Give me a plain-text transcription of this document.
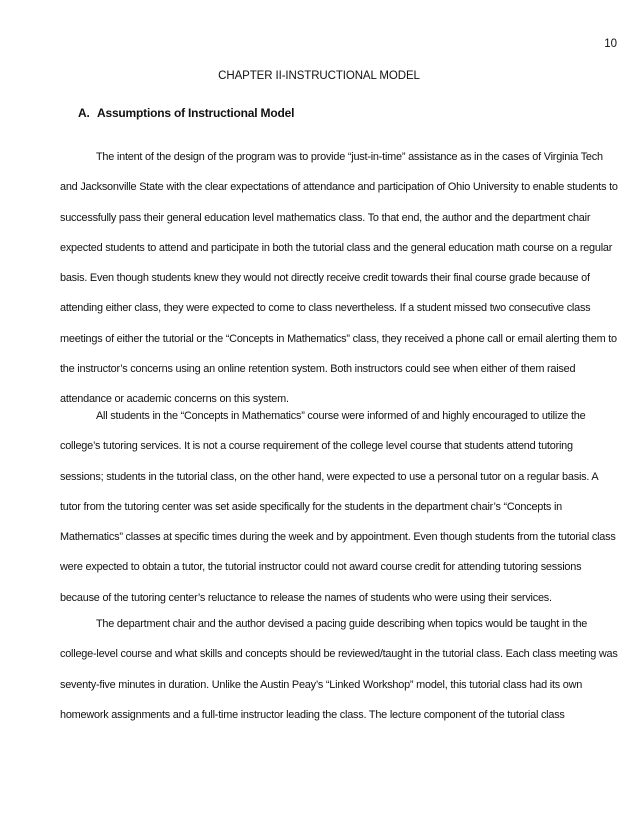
10
CHAPTER II-INSTRUCTIONAL MODEL
A. Assumptions of Instructional Model

The intent of the design of the program was to provide “just-in-time” assistance as in the cases of Virginia Tech and Jacksonville State with the clear expectations of attendance and participation of Ohio University to enable students to successfully pass their general education level mathematics class. To that end, the author and the department chair expected students to attend and participate in both the tutorial class and the general education math course on a regular basis. Even though students knew they would not directly receive credit towards their final course grade because of attending either class, they were expected to come to class nevertheless. If a student missed two consecutive class meetings of either the tutorial or the “Concepts in Mathematics” class, they received a phone call or email alerting them to the instructor’s concerns using an online retention system. Both instructors could see when either of them raised attendance or academic concerns on this system.

All students in the “Concepts in Mathematics” course were informed of and highly encouraged to utilize the college’s tutoring services. It is not a course requirement of the college level course that students attend tutoring sessions; students in the tutorial class, on the other hand, were expected to use a personal tutor on a regular basis. A tutor from the tutoring center was set aside specifically for the students in the department chair’s “Concepts in Mathematics” classes at specific times during the week and by appointment. Even though students from the tutorial class were expected to obtain a tutor, the tutorial instructor could not award course credit for attending tutoring sessions because of the tutoring center’s reluctance to release the names of students who were using their services.

The department chair and the author devised a pacing guide describing when topics would be taught in the college-level course and what skills and concepts should be reviewed/taught in the tutorial class. Each class meeting was seventy-five minutes in duration. Unlike the Austin Peay’s “Linked Workshop” model, this tutorial class had its own homework assignments and a full-time instructor leading the class. The lecture component of the tutorial class
